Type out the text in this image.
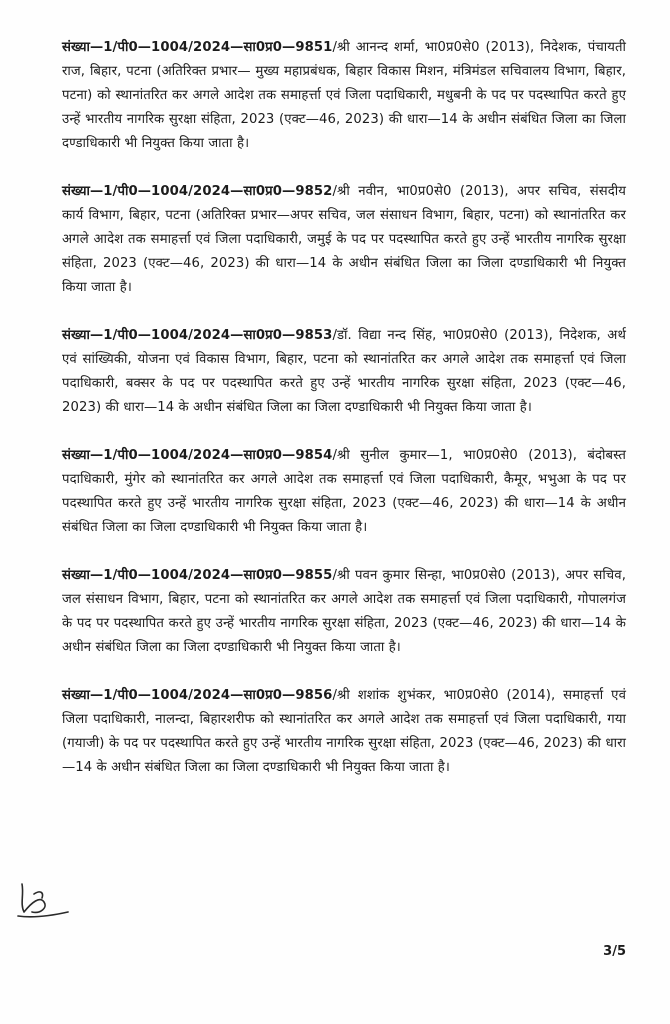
संख्या—1/पी0—1004/2024—सा0प्र0—9851/श्री आनन्द शर्मा, भा0प्र0से0 (2013), निदेशक, पंचायती राज, बिहार, पटना (अतिरिक्त प्रभार— मुख्य महाप्रबंधक, बिहार विकास मिशन, मंत्रिमंडल सचिवालय विभाग, बिहार, पटना) को स्थानांतरित कर अगले आदेश तक समाहर्त्ता एवं जिला पदाधिकारी, मधुबनी के पद पर पदस्थापित करते हुए उन्हें भारतीय नागरिक सुरक्षा संहिता, 2023 (एक्ट—46, 2023) की धारा—14 के अधीन संबंधित जिला का जिला दण्डाधिकारी भी नियुक्त किया जाता है।

संख्या—1/पी0—1004/2024—सा0प्र0—9852/श्री नवीन, भा0प्र0से0 (2013), अपर सचिव, संसदीय कार्य विभाग, बिहार, पटना (अतिरिक्त प्रभार—अपर सचिव, जल संसाधन विभाग, बिहार, पटना) को स्थानांतरित कर अगले आदेश तक समाहर्त्ता एवं जिला पदाधिकारी, जमुई के पद पर पदस्थापित करते हुए उन्हें भारतीय नागरिक सुरक्षा संहिता, 2023 (एक्ट—46, 2023) की धारा—14 के अधीन संबंधित जिला का जिला दण्डाधिकारी भी नियुक्त किया जाता है।

संख्या—1/पी0—1004/2024—सा0प्र0—9853/डॉ. विद्या नन्द सिंह, भा0प्र0से0 (2013), निदेशक, अर्थ एवं सांख्यिकी, योजना एवं विकास विभाग, बिहार, पटना को स्थानांतरित कर अगले आदेश तक समाहर्त्ता एवं जिला पदाधिकारी, बक्सर के पद पर पदस्थापित करते हुए उन्हें भारतीय नागरिक सुरक्षा संहिता, 2023 (एक्ट—46, 2023) की धारा—14 के अधीन संबंधित जिला का जिला दण्डाधिकारी भी नियुक्त किया जाता है।

संख्या—1/पी0—1004/2024—सा0प्र0—9854/श्री सुनील कुमार—1, भा0प्र0से0 (2013), बंदोबस्त पदाधिकारी, मुंगेर को स्थानांतरित कर अगले आदेश तक समाहर्त्ता एवं जिला पदाधिकारी, कैमूर, भभुआ के पद पर पदस्थापित करते हुए उन्हें भारतीय नागरिक सुरक्षा संहिता, 2023 (एक्ट—46, 2023) की धारा—14 के अधीन संबंधित जिला का जिला दण्डाधिकारी भी नियुक्त किया जाता है।

संख्या—1/पी0—1004/2024—सा0प्र0—9855/श्री पवन कुमार सिन्हा, भा0प्र0से0 (2013), अपर सचिव, जल संसाधन विभाग, बिहार, पटना को स्थानांतरित कर अगले आदेश तक समाहर्त्ता एवं जिला पदाधिकारी, गोपालगंज के पद पर पदस्थापित करते हुए उन्हें भारतीय नागरिक सुरक्षा संहिता, 2023 (एक्ट—46, 2023) की धारा—14 के अधीन संबंधित जिला का जिला दण्डाधिकारी भी नियुक्त किया जाता है।

संख्या—1/पी0—1004/2024—सा0प्र0—9856/श्री शशांक शुभंकर, भा0प्र0से0 (2014), समाहर्त्ता एवं जिला पदाधिकारी, नालन्दा, बिहारशरीफ को स्थानांतरित कर अगले आदेश तक समाहर्त्ता एवं जिला पदाधिकारी, गया (गयाजी) के पद पर पदस्थापित करते हुए उन्हें भारतीय नागरिक सुरक्षा संहिता, 2023 (एक्ट—46, 2023) की धारा—14 के अधीन संबंधित जिला का जिला दण्डाधिकारी भी नियुक्त किया जाता है।

3/5
